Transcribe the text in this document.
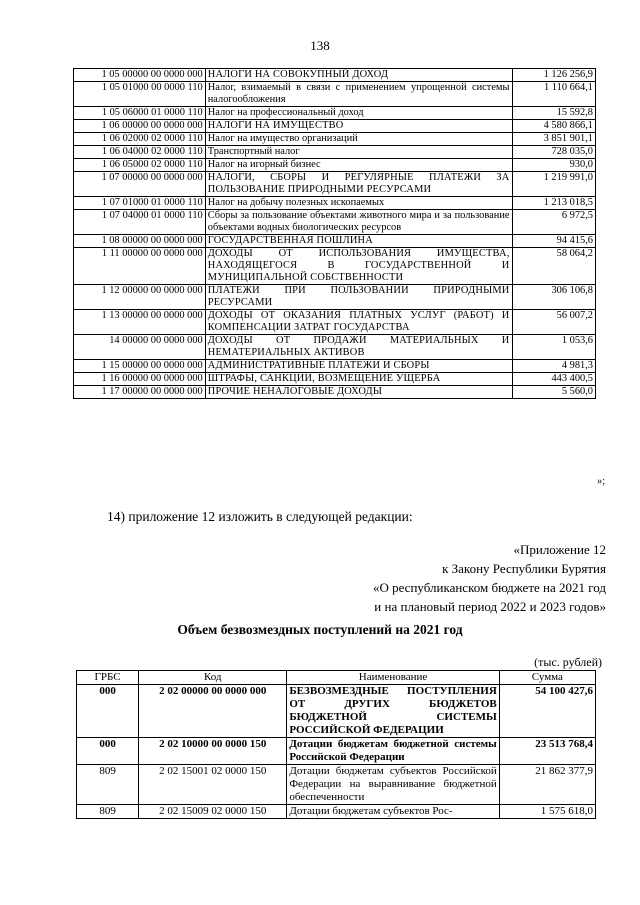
138
1 05 00000 00 0000 000	НАЛОГИ НА СОВОКУПНЫЙ ДОХОД	1 126 256,9
1 05 01000 00 0000 110	Налог, взимаемый в связи с применением упрощенной системы налогообложения	1 110 664,1
1 05 06000 01 0000 110	Налог на профессиональный доход	15 592,8
1 06 00000 00 0000 000	НАЛОГИ НА ИМУЩЕСТВО	4 580 866,1
1 06 02000 02 0000 110	Налог на имущество организаций	3 851 901,1
1 06 04000 02 0000 110	Транспортный налог	728 035,0
1 06 05000 02 0000 110	Налог на игорный бизнес	930,0
1 07 00000 00 0000 000	НАЛОГИ, СБОРЫ И РЕГУЛЯРНЫЕ ПЛАТЕЖИ ЗА ПОЛЬЗОВАНИЕ ПРИРОДНЫМИ РЕСУРСАМИ	1 219 991,0
1 07 01000 01 0000 110	Налог на добычу полезных ископаемых	1 213 018,5
1 07 04000 01 0000 110	Сборы за пользование объектами животного мира и за пользование объектами водных биологических ресурсов	6 972,5
1 08 00000 00 0000 000	ГОСУДАРСТВЕННАЯ ПОШЛИНА	94 415,6
1 11 00000 00 0000 000	ДОХОДЫ ОТ ИСПОЛЬЗОВАНИЯ ИМУЩЕСТВА, НАХОДЯЩЕГОСЯ В ГОСУДАРСТВЕННОЙ И МУНИЦИПАЛЬНОЙ СОБСТВЕННОСТИ	58 064,2
1 12 00000 00 0000 000	ПЛАТЕЖИ ПРИ ПОЛЬЗОВАНИИ ПРИРОДНЫМИ РЕСУРСАМИ	306 106,8
1 13 00000 00 0000 000	ДОХОДЫ ОТ ОКАЗАНИЯ ПЛАТНЫХ УСЛУГ (РАБОТ) И КОМПЕНСАЦИИ ЗАТРАТ ГОСУДАРСТВА	56 007,2
14 00000 00 0000 000	ДОХОДЫ ОТ ПРОДАЖИ МАТЕРИАЛЬНЫХ И НЕМАТЕРИАЛЬНЫХ АКТИВОВ	1 053,6
1 15 00000 00 0000 000	АДМИНИСТРАТИВНЫЕ ПЛАТЕЖИ И СБОРЫ	4 981,3
1 16 00000 00 0000 000	ШТРАФЫ, САНКЦИИ, ВОЗМЕЩЕНИЕ УЩЕРБА	443 400,5
1 17 00000 00 0000 000	ПРОЧИЕ НЕНАЛОГОВЫЕ ДОХОДЫ	5 560,0
»;
14) приложение 12 изложить в следующей редакции:
«Приложение 12
к Закону Республики Бурятия
«О республиканском бюджете на 2021 год
и на плановый период 2022 и 2023 годов»
Объем безвозмездных поступлений на 2021 год
(тыс. рублей)
ГРБС	Код	Наименование	Сумма
000	2 02 00000 00 0000 000	БЕЗВОЗМЕЗДНЫЕ ПОСТУПЛЕНИЯ ОТ ДРУГИХ БЮДЖЕТОВ БЮДЖЕТНОЙ СИСТЕМЫ РОССИЙСКОЙ ФЕДЕРАЦИИ	54 100 427,6
000	2 02 10000 00 0000 150	Дотации бюджетам бюджетной системы Российской Федерации	23 513 768,4
809	2 02 15001 02 0000 150	Дотации бюджетам субъектов Российской Федерации на выравнивание бюджетной обеспеченности	21 862 377,9
809	2 02 15009 02 0000 150	Дотации бюджетам субъектов Рос-	1 575 618,0
